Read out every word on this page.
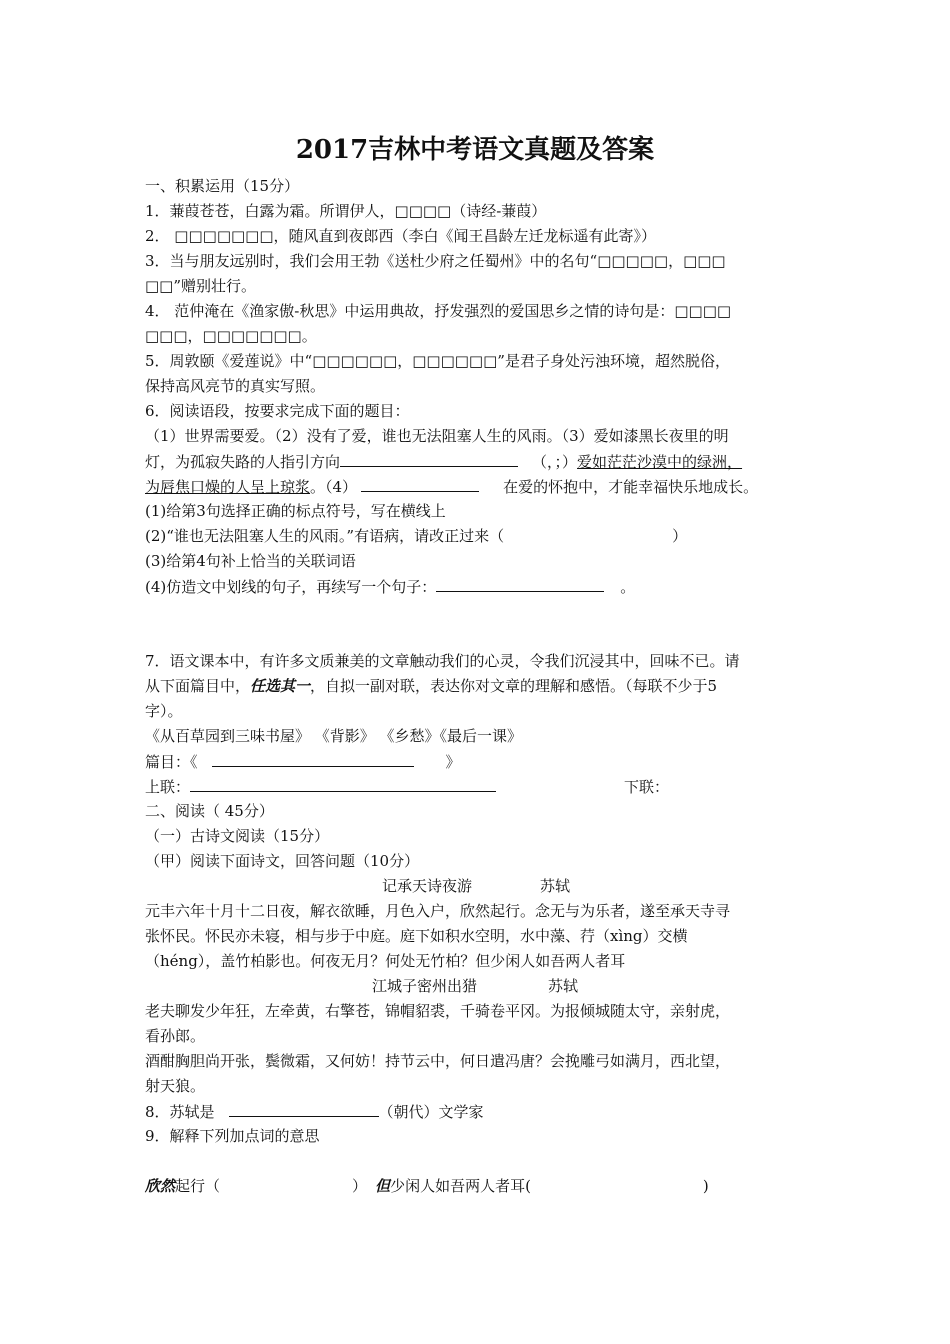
2017吉林中考语文真题及答案
一、积累运用（15分）
1．蒹葭苍苍，白露为霜。所谓伊人，□□□□（诗经-蒹葭）
2． □□□□□□□，随风直到夜郎西（李白《闻王昌龄左迁龙标遥有此寄》）
3．当与朋友远别时，我们会用王勃《送杜少府之任蜀州》中的名句“□□□□□，□□□
□□”赠别壮行。
4． 范仲淹在《渔家傲-秋思》中运用典故，抒发强烈的爱国思乡之情的诗句是：□□□□
□□□，□□□□□□□。
5．周敦颐《爱莲说》中“□□□□□□，□□□□□□”是君子身处污浊环境，超然脱俗，
保持高风亮节的真实写照。
6．阅读语段，按要求完成下面的题目：
（1）世界需要爱。（2）没有了爱，谁也无法阻塞人生的风雨。（3）爱如漆黑长夜里的明
灯，为孤寂失路的人指引方向	（，；）爱如茫茫沙漠中的绿洲，
为唇焦口燥的人呈上琼浆。（4）	在爱的怀抱中，才能幸福快乐地成长。
(1)给第3句选择正确的标点符号，写在横线上
(2)“谁也无法阻塞人生的风雨。”有语病，请改正过来（	）
(3)给第4句补上恰当的关联词语
(4)仿造文中划线的句子，再续写一个句子：	。
7．语文课本中，有许多文质兼美的文章触动我们的心灵，令我们沉浸其中，回味不已。请
从下面篇目中，任选其一，自拟一副对联，表达你对文章的理解和感悟。（每联不少于5
字）。
《从百草园到三味书屋》 《背影》 《乡愁》《最后一课》
篇目：《	》
上联：	下联：
二、阅读（ 45分）
（一）古诗文阅读（15分）
（甲）阅读下面诗文，回答问题（10分）
记承天诗夜游	苏轼
元丰六年十月十二日夜，解衣欲睡，月色入户，欣然起行。念无与为乐者，遂至承天寺寻
张怀民。怀民亦未寝，相与步于中庭。庭下如积水空明，水中藻、荇（xìng）交横
（héng），盖竹柏影也。何夜无月？何处无竹柏？但少闲人如吾两人者耳
江城子密州出猎	苏轼
老夫聊发少年狂，左牵黄，右擎苍，锦帽貂裘，千骑卷平冈。为报倾城随太守，亲射虎，
看孙郎。
酒酣胸胆尚开张，鬓微霜，又何妨！持节云中，何日遣冯唐？会挽雕弓如满月，西北望，
射天狼。
8．苏轼是	（朝代）文学家
9．解释下列加点词的意思
欣然起行（	） 但少闲人如吾两人者耳(	)
